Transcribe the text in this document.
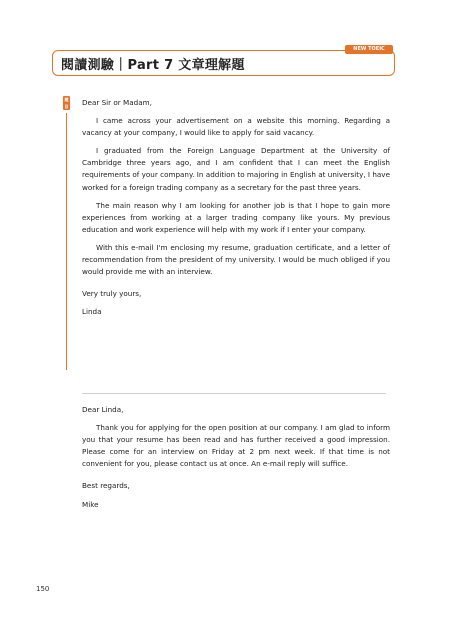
NEW TOEIC
閱讀測驗｜Part 7 文章理解題
題目 Dear Sir or Madam,

I came across your advertisement on a website this morning. Regarding a vacancy at your company, I would like to apply for said vacancy.

I graduated from the Foreign Language Department at the University of Cambridge three years ago, and I am confident that I can meet the English requirements of your company. In addition to majoring in English at university, I have worked for a foreign trading company as a secretary for the past three years.

The main reason why I am looking for another job is that I hope to gain more experiences from working at a larger trading company like yours. My previous education and work experience will help with my work if I enter your company.

With this e-mail I'm enclosing my resume, graduation certificate, and a letter of recommendation from the president of my university. I would be much obliged if you would provide me with an interview.

Very truly yours,

Linda

Dear Linda,

Thank you for applying for the open position at our company. I am glad to inform you that your resume has been read and has further received a good impression. Please come for an interview on Friday at 2 pm next week. If that time is not convenient for you, please contact us at once. An e-mail reply will suffice.

Best regards,

Mike

150
